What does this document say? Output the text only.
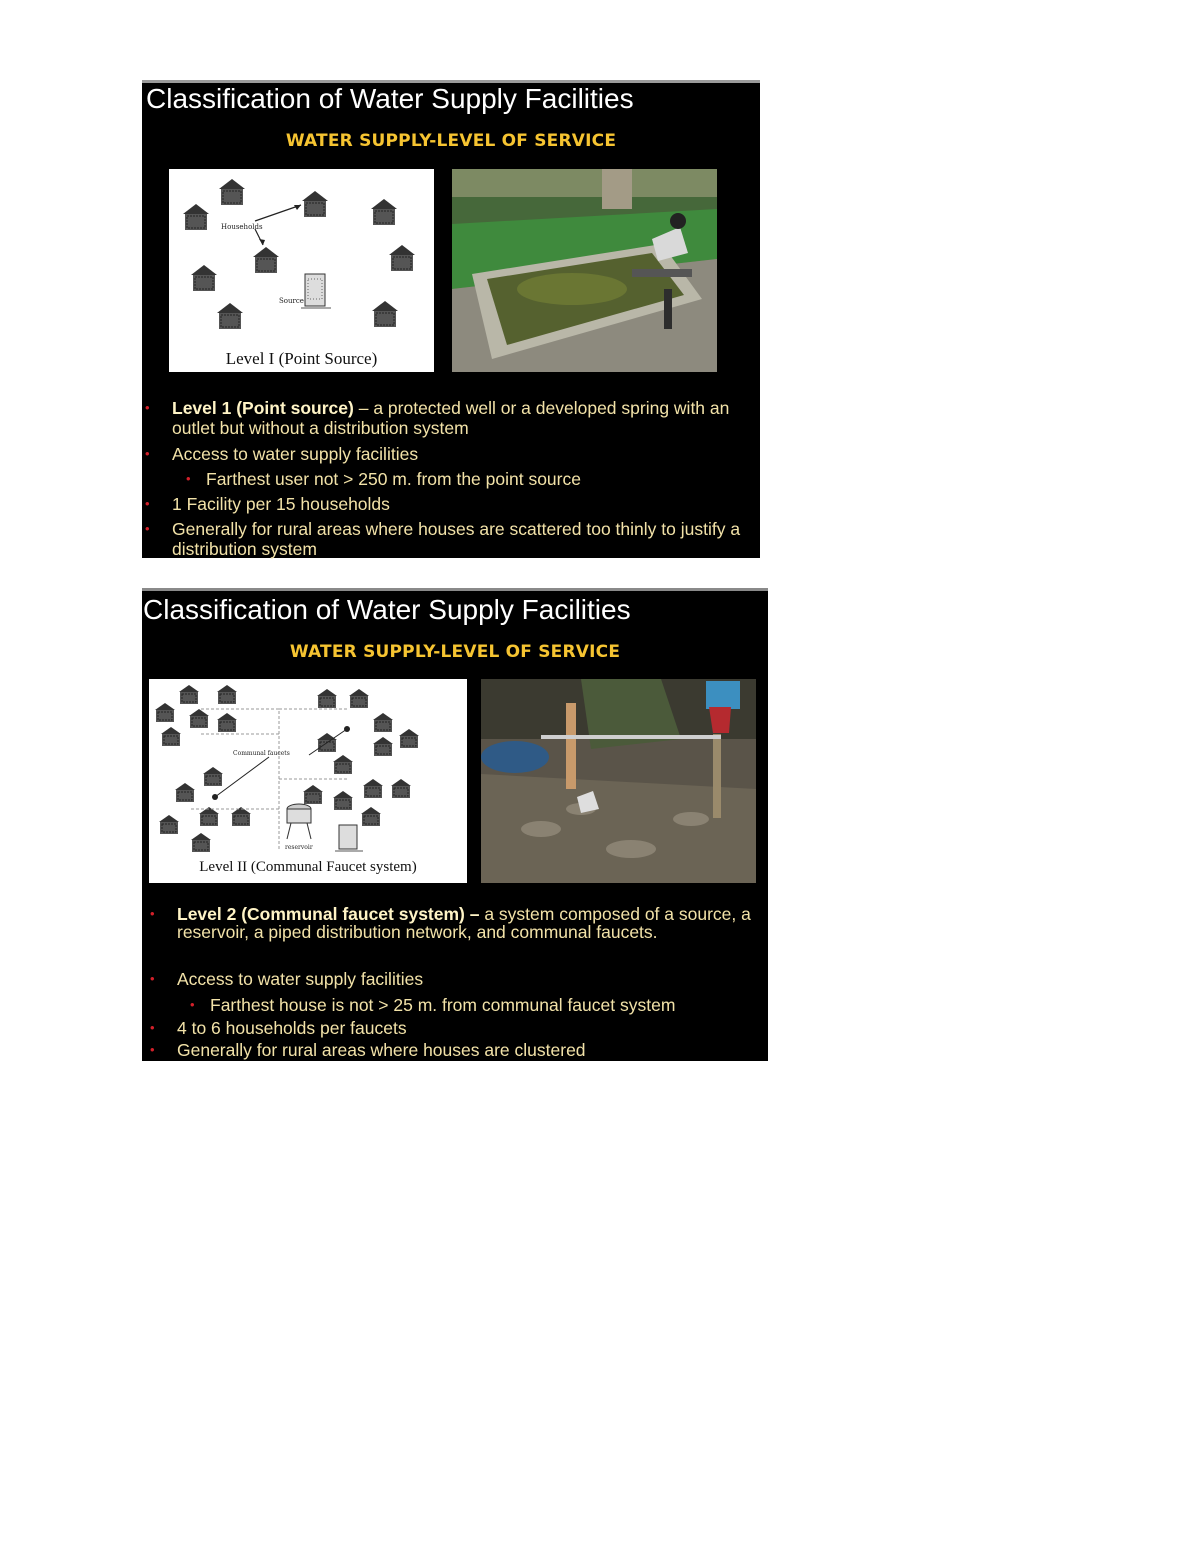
Classification of Water Supply Facilities
WATER SUPPLY-LEVEL OF SERVICE
Households
Source
Level I (Point Source)
• Level 1 (Point source) – a protected well or a developed spring with an outlet but without a distribution system
• Access to water supply facilities
• Farthest user not > 250 m. from the point source
• 1 Facility per 15 households
• Generally for rural areas where houses are scattered too thinly to justify a distribution system
Classification of Water Supply Facilities
WATER SUPPLY-LEVEL OF SERVICE
Communal faucets
reservoir
Level II (Communal Faucet system)
• Level 2 (Communal faucet system) – a system composed of a source, a reservoir, a piped distribution network, and communal faucets.
• Access to water supply facilities
• Farthest house is not > 25 m. from communal faucet system
• 4 to 6 households per faucets
• Generally for rural areas where houses are clustered
